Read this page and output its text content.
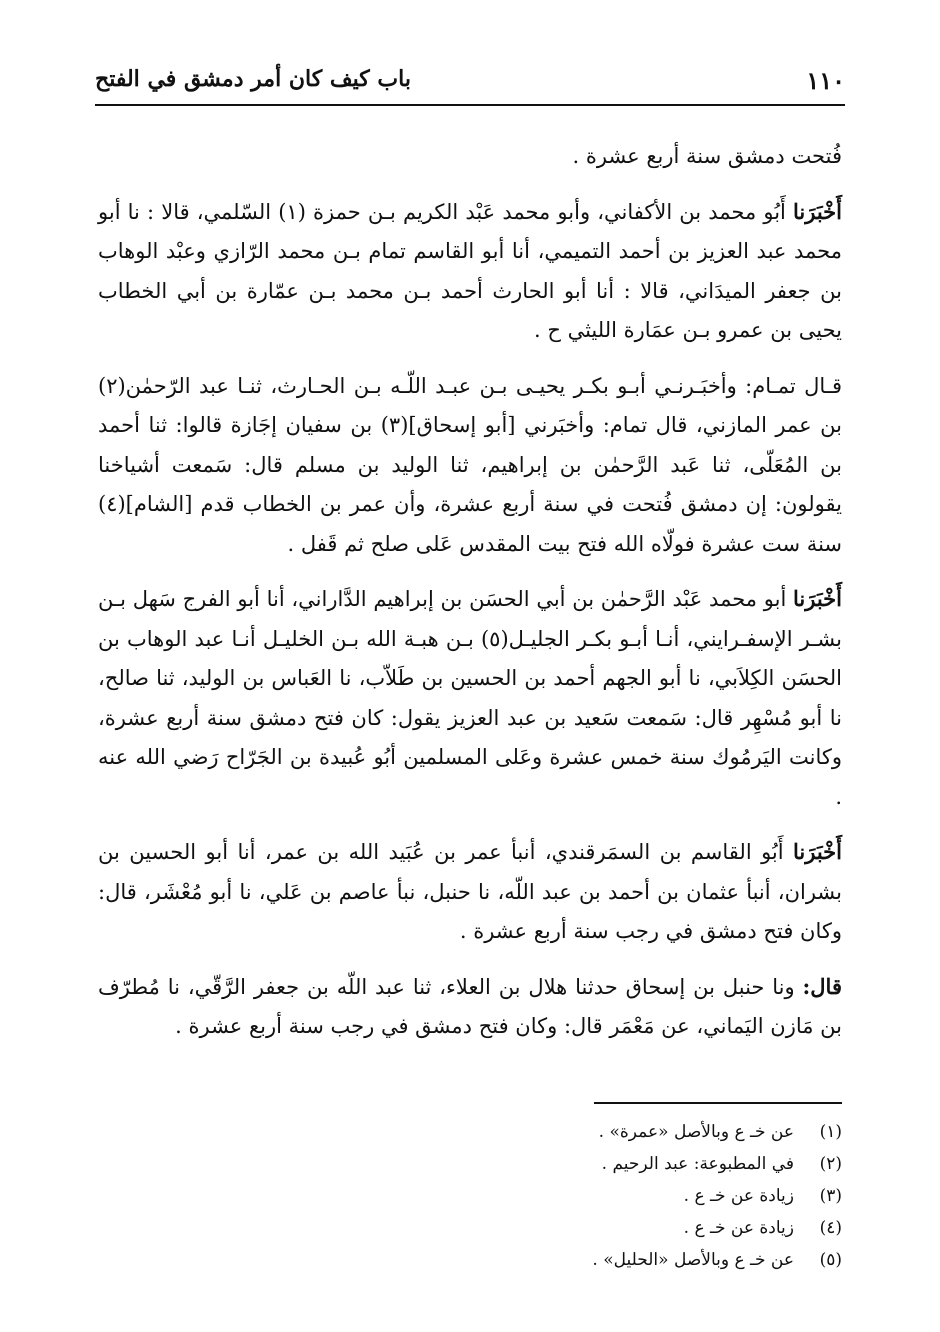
١١٠
باب كيف كان أمر دمشق في الفتح

فُتحت دمشق سنة أربع عشرة .

أَخْبَرَنا أَبُو محمد بن الأكفاني، وأبو محمد عَبْد الكريم بـن حمزة (١) السّلمي، قالا : نا أبو محمد عبد العزيز بن أحمد التميمي، أنا أبو القاسم تمام بـن محمد الرّازي وعبْد الوهاب بن جعفر الميدَاني، قالا : أنا أبو الحارث أحمد بـن محمد بـن عمّارة بن أبي الخطاب يحيى بن عمرو بـن عمَارة الليثي ح .

قـال تمـام: وأخبَـرنـي أبـو بكـر يحيـى بـن عبـد اللّـه بـن الحـارث، ثنـا عبد الرّحمٰن(٢) بن عمر المازني، قال تمام: وأخبَرني [أبو إسحاق](٣) بن سفيان إجَازة قالوا: ثنا أحمد بن المُعَلّى، ثنا عَبد الرَّحمٰن بن إبراهيم، ثنا الوليد بن مسلم قال: سَمعت أشياخنا يقولون: إن دمشق فُتحت في سنة أربع عشرة، وأن عمر بن الخطاب قدم [الشام](٤) سنة ست عشرة فولّاه الله فتح بيت المقدس عَلى صلح ثم قَفل .

أَخْبَرَنا أبو محمد عَبْد الرَّحمٰن بن أبي الحسَن بن إبراهيم الدَّاراني، أنا أبو الفرج سَهل بـن بشـر الإسفـرايني، أنـا أبـو بكـر الجليـل(٥) بـن هبـة الله بـن الخليـل أنـا عبد الوهاب بن الحسَن الكِلاَبي، نا أبو الجهم أحمد بن الحسين بن طَلاّب، نا العَباس بن الوليد، ثنا صالح، نا أبو مُسْهِر قال: سَمعت سَعيد بن عبد العزيز يقول: كان فتح دمشق سنة أربع عشرة، وكانت اليَرمُوك سنة خمس عشرة وعَلى المسلمين أبُو عُبيدة بن الجَرّاح رَضي الله عنه .

أَخْبَرَنا أَبُو القاسم بن السمَرقندي، أنبأ عمر بن عُبَيد الله بن عمر، أنا أبو الحسين بن بشران، أنبأ عثمان بن أحمد بن عبد اللّه، نا حنبل، نبأ عاصم بن عَلي، نا أبو مُعْشَر، قال: وكان فتح دمشق في رجب سنة أربع عشرة .

قال: ونا حنبل بن إسحاق حدثنا هلال بن العلاء، ثنا عبد اللّه بن جعفر الرَّقّي، نا مُطرّف بن مَازن اليَماني، عن مَعْمَر قال: وكان فتح دمشق في رجب سنة أربع عشرة .

(١)عن خـ ع وبالأصل «عمرة» .
(٢)في المطبوعة: عبد الرحيم .
(٣)زيادة عن خـ ع .
(٤)زيادة عن خـ ع .
(٥)عن خـ ع وبالأصل «الحليل» .
